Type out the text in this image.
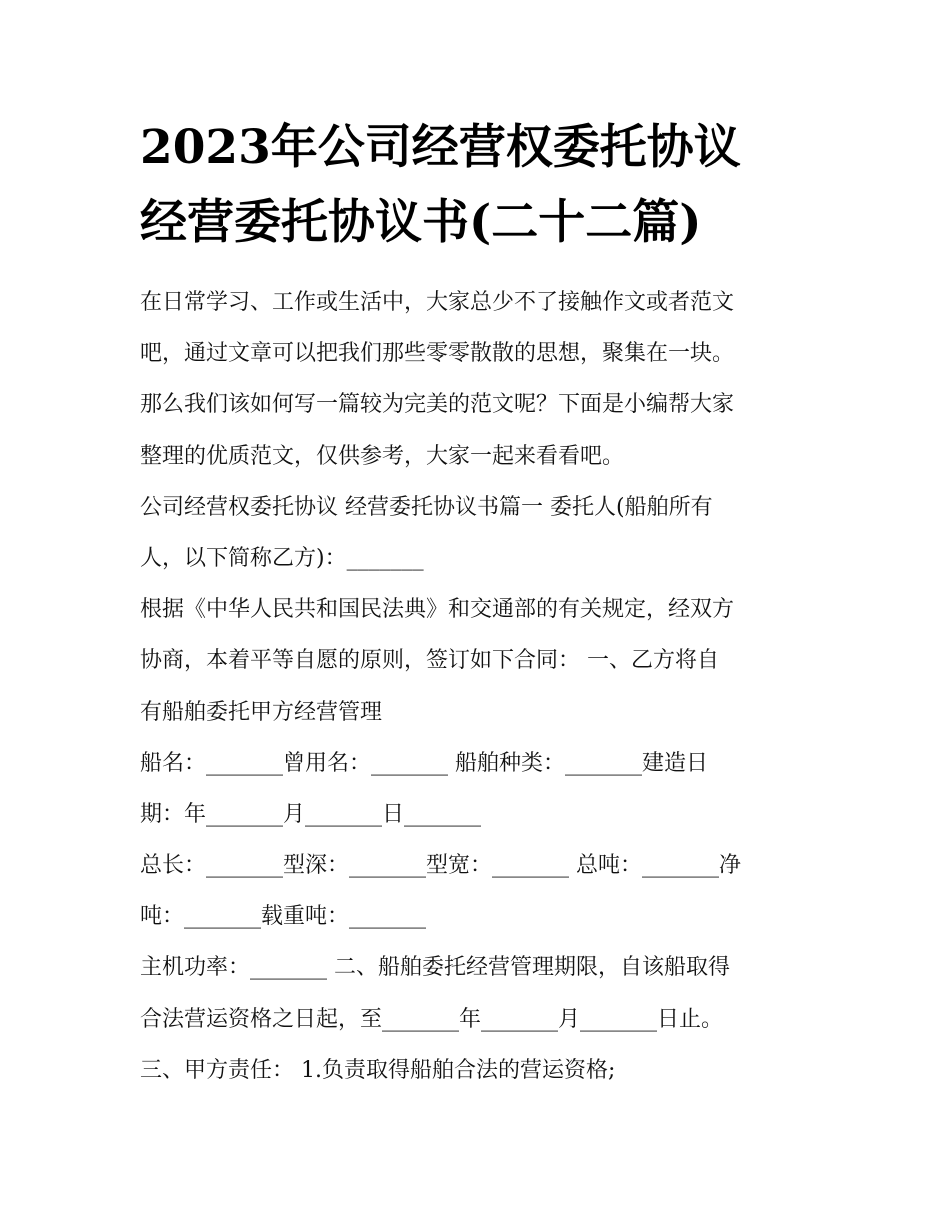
2023年公司经营权委托协议
经营委托协议书(二十二篇)
在日常学习、工作或生活中，大家总少不了接触作文或者范文
吧，通过文章可以把我们那些零零散散的思想，聚集在一块。
那么我们该如何写一篇较为完美的范文呢？下面是小编帮大家
整理的优质范文，仅供参考，大家一起来看看吧。
公司经营权委托协议 经营委托协议书篇一 委托人(船舶所有
人，以下简称乙方)：_______
根据《中华人民共和国民法典》和交通部的有关规定，经双方
协商，本着平等自愿的原则，签订如下合同： 一、乙方将自
有船舶委托甲方经营管理
船名：_______曾用名：_______ 船舶种类：_______建造日
期：年_______月_______日_______
总长：_______型深：_______型宽：_______ 总吨：_______净
吨：_______载重吨：_______
主机功率：_______ 二、船舶委托经营管理期限，自该船取得
合法营运资格之日起，至_______年_______月_______日止。
三、甲方责任： 1.负责取得船舶合法的营运资格;
